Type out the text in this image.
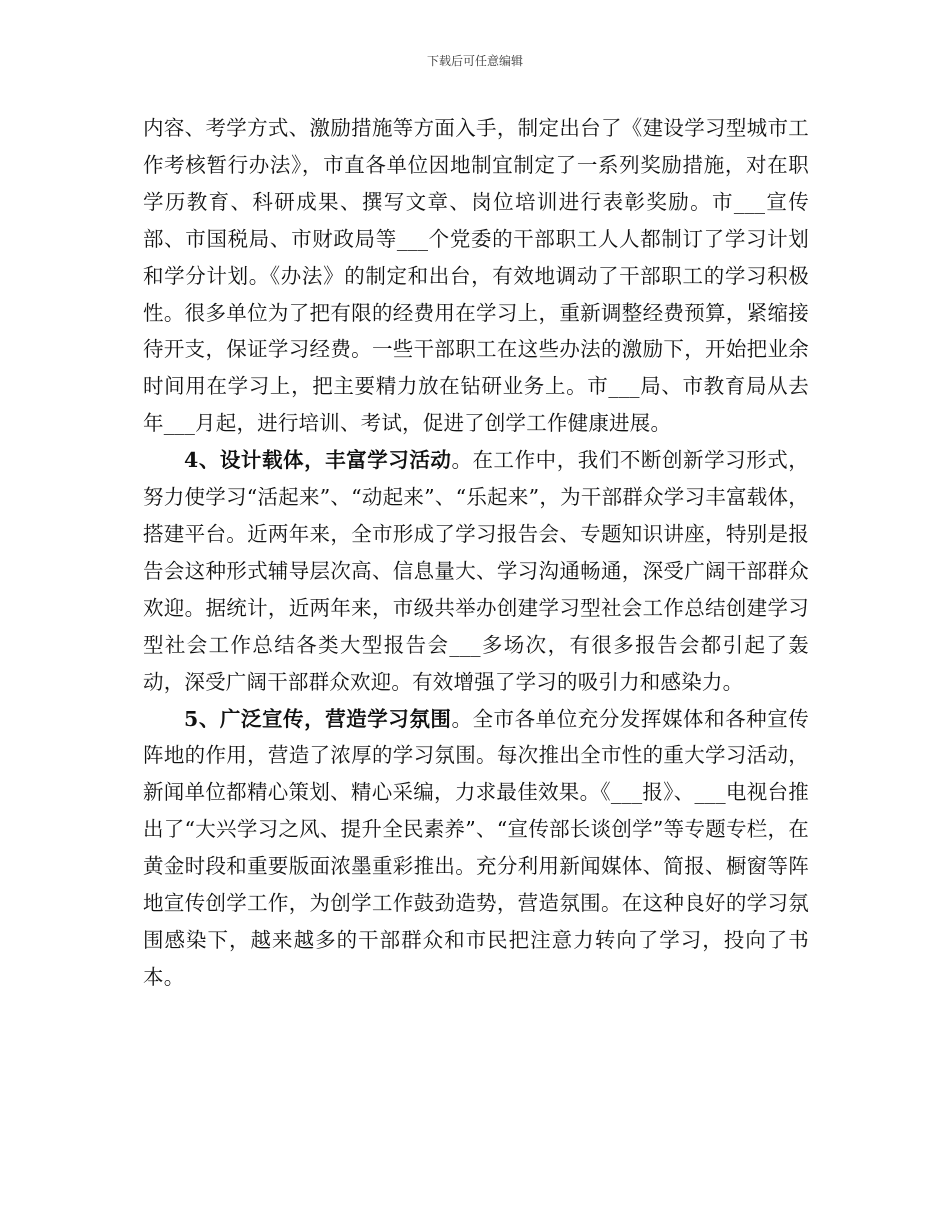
下载后可任意编辑

内容、考学方式、激励措施等方面入手，制定出台了《建设学习型城市工作考核暂行办法》，市直各单位因地制宜制定了一系列奖励措施，对在职学历教育、科研成果、撰写文章、岗位培训进行表彰奖励。市___宣传部、市国税局、市财政局等___个党委的干部职工人人都制订了学习计划和学分计划。《办法》的制定和出台，有效地调动了干部职工的学习积极性。很多单位为了把有限的经费用在学习上，重新调整经费预算，紧缩接待开支，保证学习经费。一些干部职工在这些办法的激励下，开始把业余时间用在学习上，把主要精力放在钻研业务上。市___局、市教育局从去年___月起，进行培训、考试，促进了创学工作健康进展。

4、设计载体，丰富学习活动。在工作中，我们不断创新学习形式，努力使学习“活起来”、“动起来”、“乐起来”，为干部群众学习丰富载体，搭建平台。近两年来，全市形成了学习报告会、专题知识讲座，特别是报告会这种形式辅导层次高、信息量大、学习沟通畅通，深受广阔干部群众欢迎。据统计，近两年来，市级共举办创建学习型社会工作总结创建学习型社会工作总结各类大型报告会___多场次，有很多报告会都引起了轰动，深受广阔干部群众欢迎。有效增强了学习的吸引力和感染力。

5、广泛宣传，营造学习氛围。全市各单位充分发挥媒体和各种宣传阵地的作用，营造了浓厚的学习氛围。每次推出全市性的重大学习活动，新闻单位都精心策划、精心采编，力求最佳效果。《___报》、___电视台推出了“大兴学习之风、提升全民素养”、“宣传部长谈创学”等专题专栏，在黄金时段和重要版面浓墨重彩推出。充分利用新闻媒体、简报、橱窗等阵地宣传创学工作，为创学工作鼓劲造势，营造氛围。在这种良好的学习氛围感染下，越来越多的干部群众和市民把注意力转向了学习，投向了书本。
